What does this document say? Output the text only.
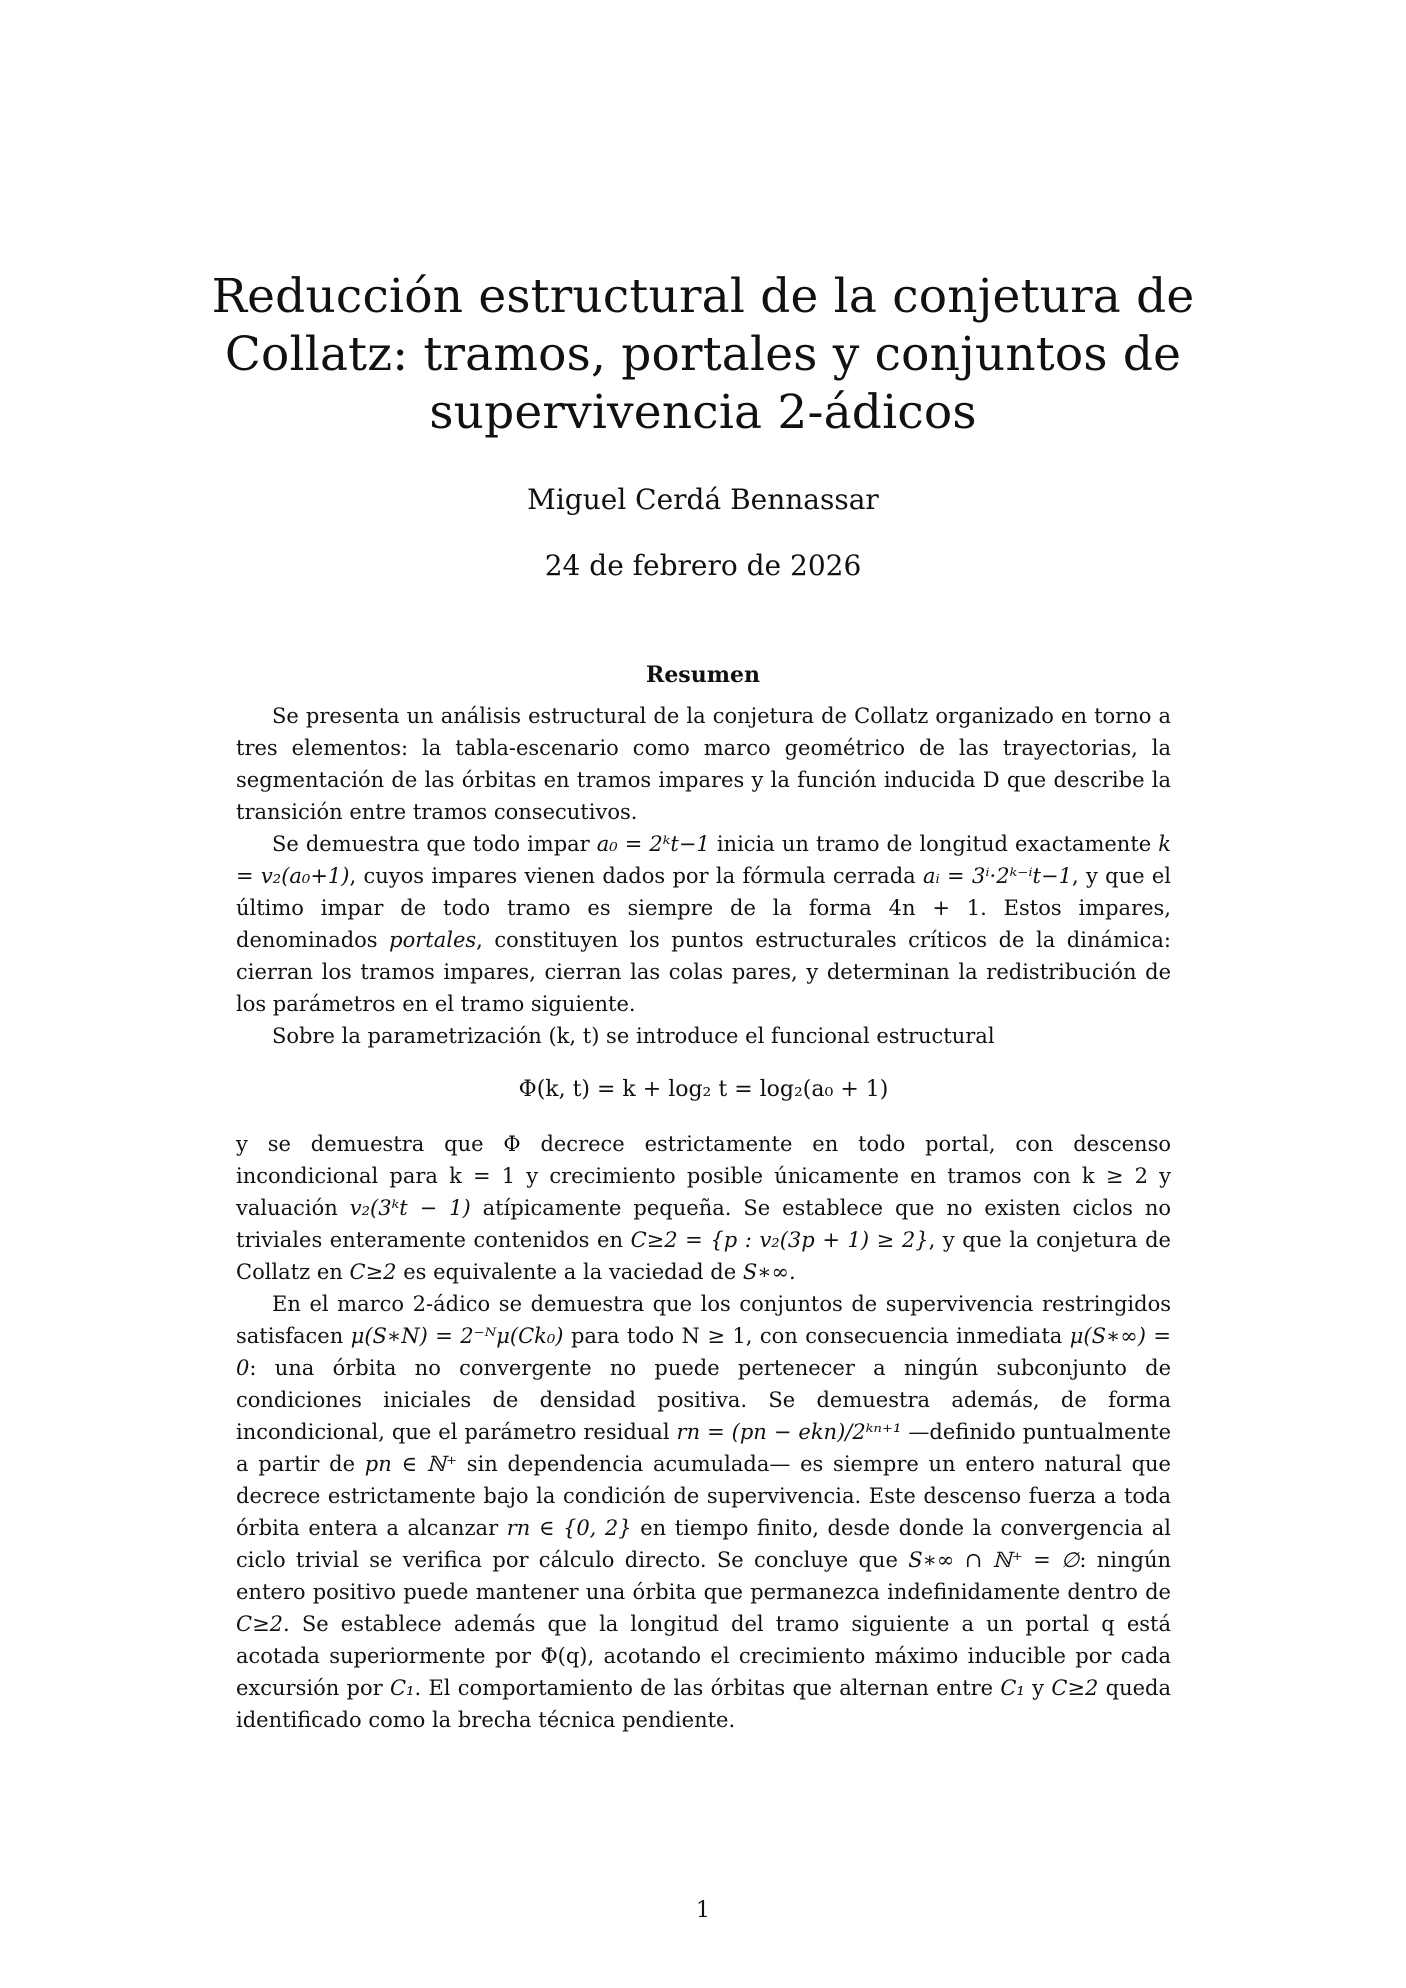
Reducción estructural de la conjetura de
Collatz: tramos, portales y conjuntos de
supervivencia 2-ádicos
Miguel Cerdá Bennassar
24 de febrero de 2026
Resumen

Se presenta un análisis estructural de la conjetura de Collatz organizado en torno a tres elementos: la tabla-escenario como marco geométrico de las trayectorias, la segmentación de las órbitas en tramos impares y la función inducida D que describe la transición entre tramos consecutivos.

Se demuestra que todo impar a₀ = 2ᵏt−1 inicia un tramo de longitud exactamente k = v₂(a₀+1), cuyos impares vienen dados por la fórmula cerrada aᵢ = 3ⁱ·2ᵏ⁻ⁱt−1, y que el último impar de todo tramo es siempre de la forma 4n + 1. Estos impares, denominados portales, constituyen los puntos estructurales críticos de la dinámica: cierran los tramos impares, cierran las colas pares, y determinan la redistribución de los parámetros en el tramo siguiente.

Sobre la parametrización (k, t) se introduce el funcional estructural

Φ(k, t) = k + log₂ t = log₂(a₀ + 1)

y se demuestra que Φ decrece estrictamente en todo portal, con descenso incondicional para k = 1 y crecimiento posible únicamente en tramos con k ≥ 2 y valuación v₂(3ᵏt − 1) atípicamente pequeña. Se establece que no existen ciclos no triviales enteramente contenidos en C≥2 = {p : v₂(3p + 1) ≥ 2}, y que la conjetura de Collatz en C≥2 es equivalente a la vaciedad de S∗∞.

En el marco 2-ádico se demuestra que los conjuntos de supervivencia restringidos satisfacen μ(S∗N) = 2⁻ᴺμ(Ck₀) para todo N ≥ 1, con consecuencia inmediata μ(S∗∞) = 0: una órbita no convergente no puede pertenecer a ningún subconjunto de condiciones iniciales de densidad positiva. Se demuestra además, de forma incondicional, que el parámetro residual rn = (pn − ekn)/2ᵏⁿ⁺¹ —definido puntualmente a partir de pn ∈ ℕ⁺ sin dependencia acumulada— es siempre un entero natural que decrece estrictamente bajo la condición de supervivencia. Este descenso fuerza a toda órbita entera a alcanzar rn ∈ {0, 2} en tiempo finito, desde donde la convergencia al ciclo trivial se verifica por cálculo directo. Se concluye que S∗∞ ∩ ℕ⁺ = ∅: ningún entero positivo puede mantener una órbita que permanezca indefinidamente dentro de C≥2. Se establece además que la longitud del tramo siguiente a un portal q está acotada superiormente por Φ(q), acotando el crecimiento máximo inducible por cada excursión por C₁. El comportamiento de las órbitas que alternan entre C₁ y C≥2 queda identificado como la brecha técnica pendiente.

1
